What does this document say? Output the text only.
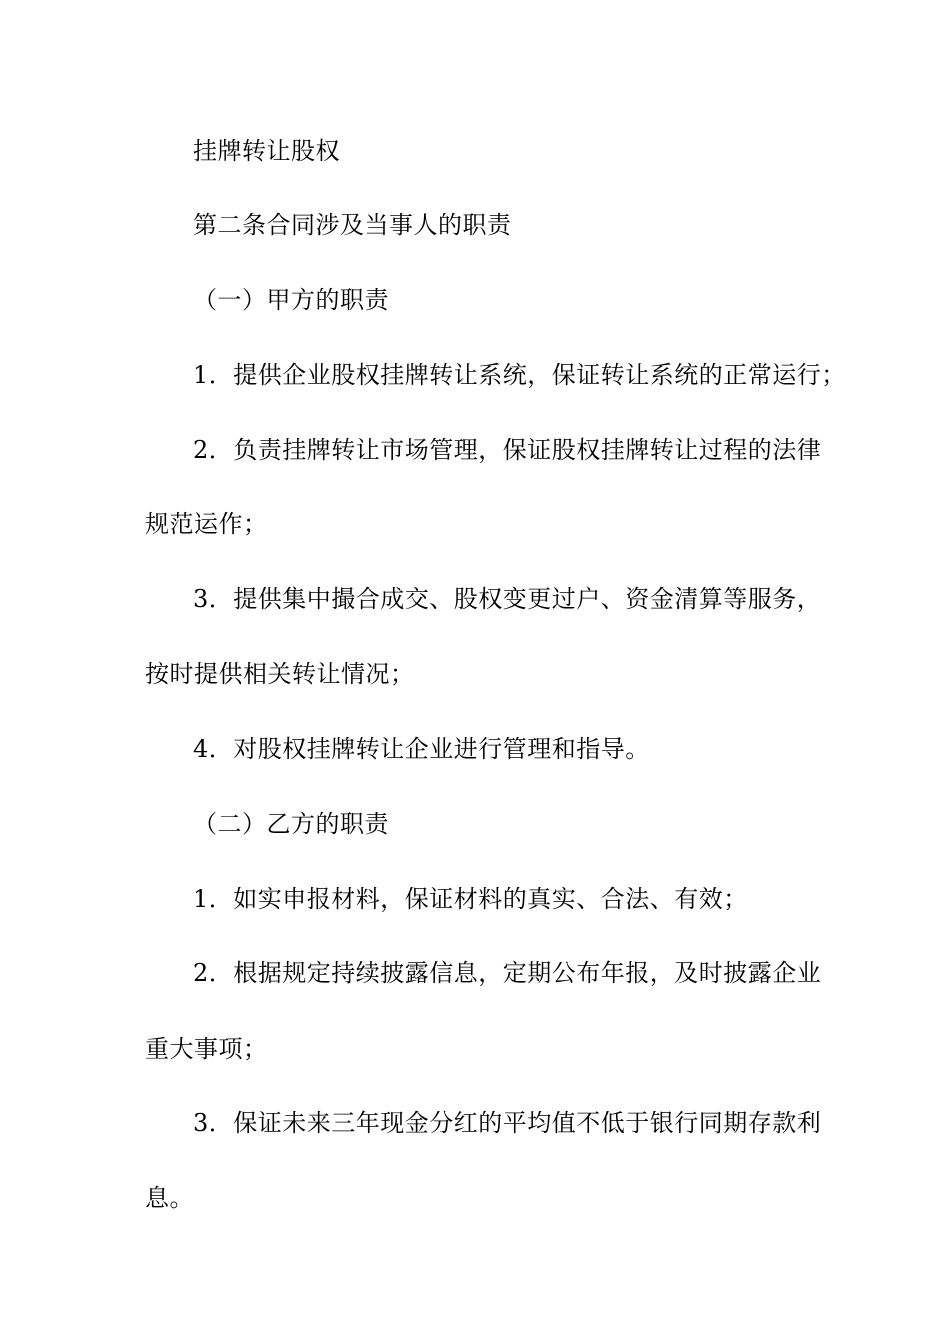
挂牌转让股权
第二条合同涉及当事人的职责
（一）甲方的职责
1．提供企业股权挂牌转让系统，保证转让系统的正常运行；
2．负责挂牌转让市场管理，保证股权挂牌转让过程的法律
规范运作；
3．提供集中撮合成交、股权变更过户、资金清算等服务，
按时提供相关转让情况；
4．对股权挂牌转让企业进行管理和指导。
（二）乙方的职责
1．如实申报材料，保证材料的真实、合法、有效；
2．根据规定持续披露信息，定期公布年报，及时披露企业
重大事项；
3．保证未来三年现金分红的平均值不低于银行同期存款利
息。
